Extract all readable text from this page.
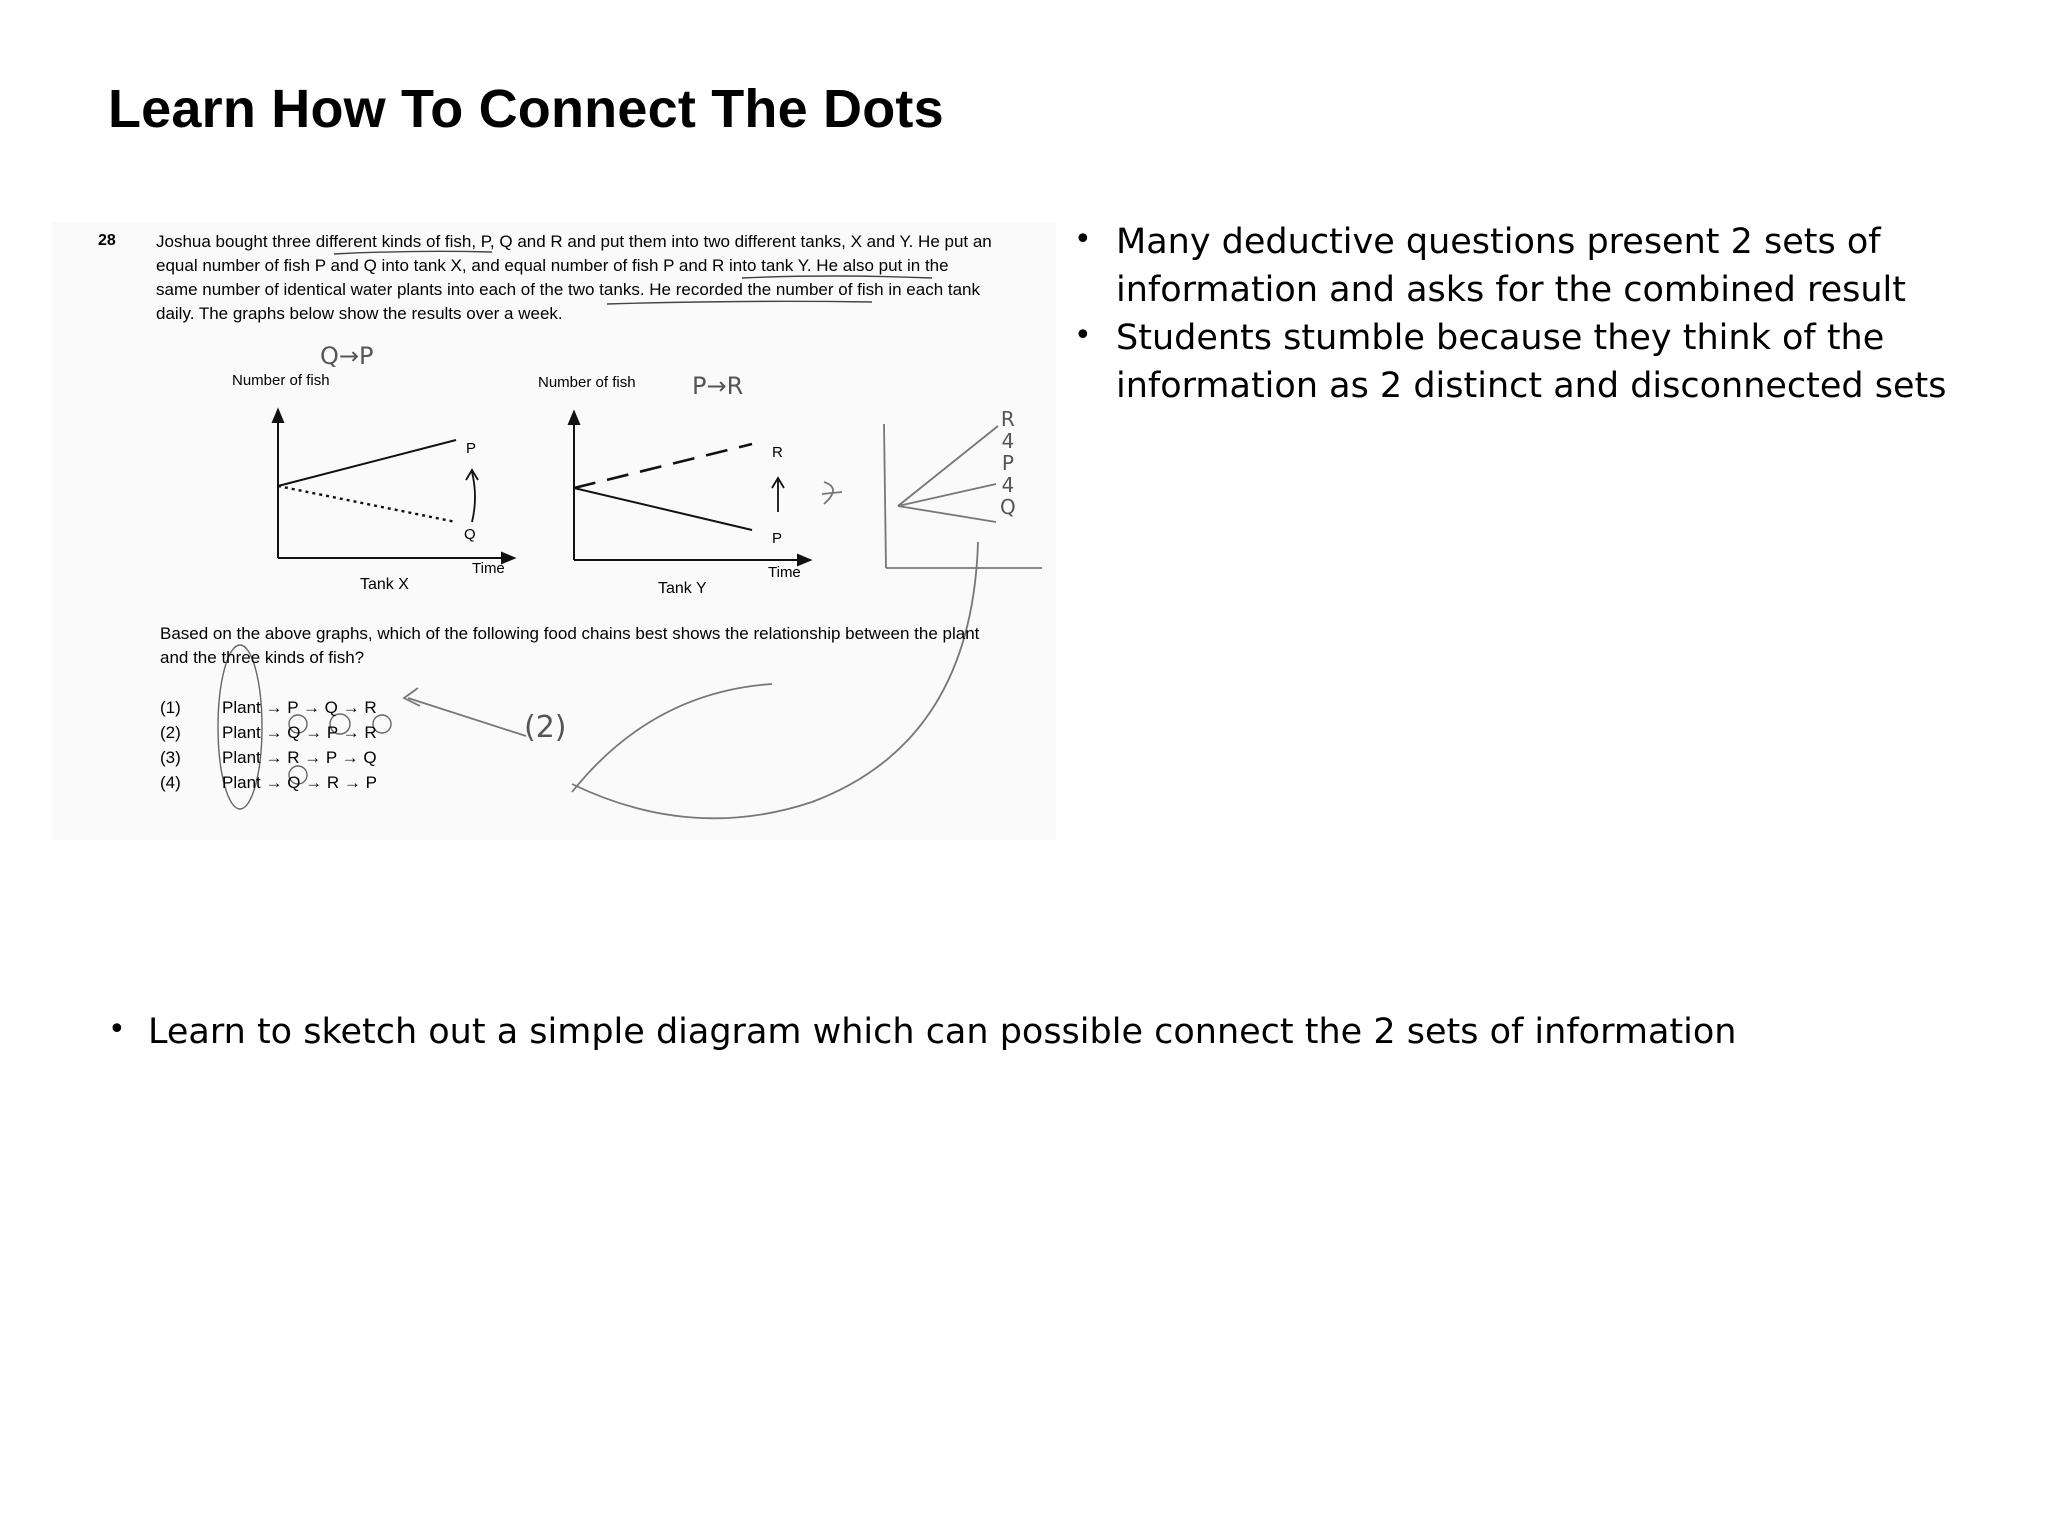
Learn How To Connect The Dots
28 Joshua bought three different kinds of fish, P, Q and R and put them into two different tanks, X and Y. He put an equal number of fish P and Q into tank X, and equal number of fish P and R into tank Y. He also put in the same number of identical water plants into each of the two tanks. He recorded the number of fish in each tank daily. The graphs below show the results over a week.
Number of fish
Q→P
P
Q
Time
Tank X
Number of fish P→R
R
P
Time
Tank Y
R
4
P
4
Q
Based on the above graphs, which of the following food chains best shows the relationship between the plant and the three kinds of fish?
(1) Plant → P → Q → R
(2) Plant → Q → P → R
(3) Plant → R → P → Q
(4) Plant → Q → R → P
(2)
• Many deductive questions present 2 sets of information and asks for the combined result
• Students stumble because they think of the information as 2 distinct and disconnected sets
• Learn to sketch out a simple diagram which can possible connect the 2 sets of information
